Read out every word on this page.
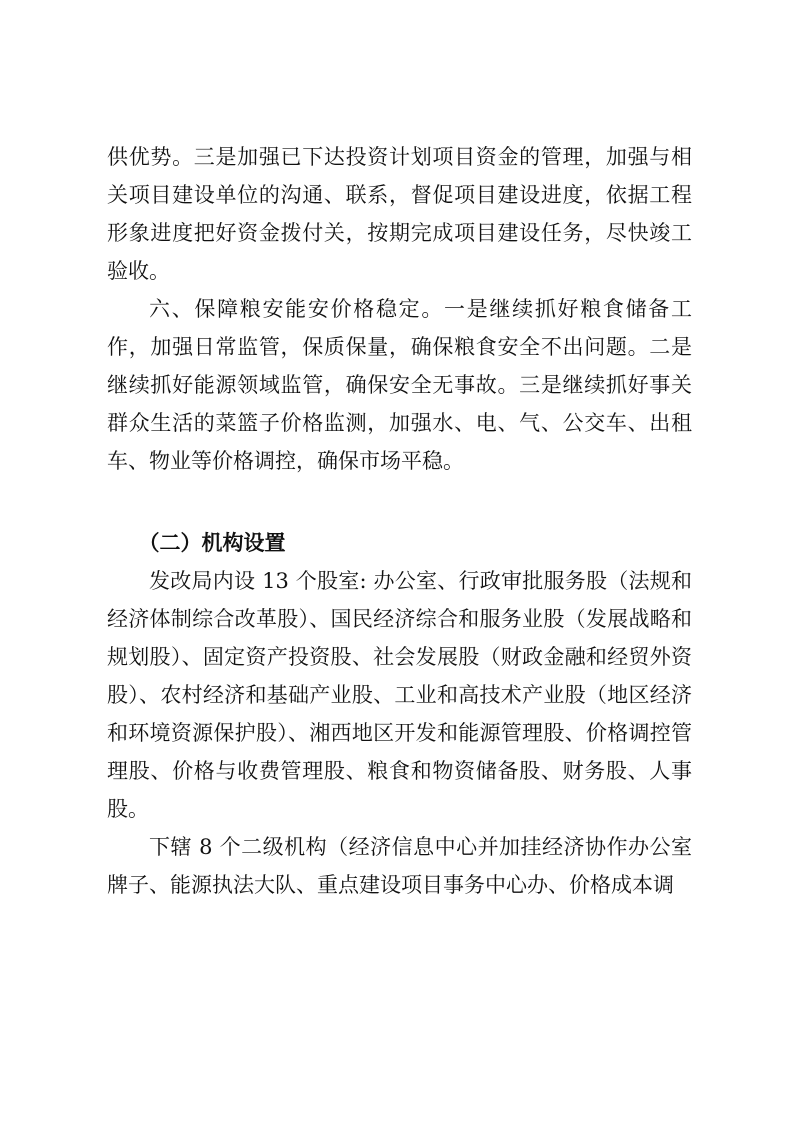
供优势。三是加强已下达投资计划项目资金的管理，加强与相关项目建设单位的沟通、联系，督促项目建设进度，依据工程形象进度把好资金拨付关，按期完成项目建设任务，尽快竣工验收。

六、保障粮安能安价格稳定。一是继续抓好粮食储备工作，加强日常监管，保质保量，确保粮食安全不出问题。二是继续抓好能源领域监管，确保安全无事故。三是继续抓好事关群众生活的菜篮子价格监测，加强水、电、气、公交车、出租车、物业等价格调控，确保市场平稳。

（二）机构设置

发改局内设 13 个股室: 办公室、行政审批服务股（法规和经济体制综合改革股）、国民经济综合和服务业股（发展战略和规划股）、固定资产投资股、社会发展股（财政金融和经贸外资股）、农村经济和基础产业股、工业和高技术产业股（地区经济和环境资源保护股）、湘西地区开发和能源管理股、价格调控管理股、价格与收费管理股、粮食和物资储备股、财务股、人事股。

下辖 8 个二级机构（经济信息中心并加挂经济协作办公室牌子、能源执法大队、重点建设项目事务中心办、价格成本调
